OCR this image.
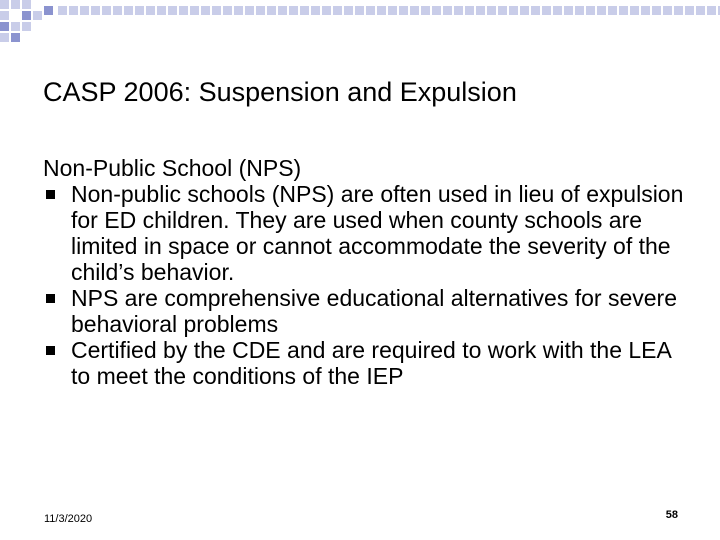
CASP 2006: Suspension and Expulsion

Non-Public School (NPS)

Non-public schools (NPS) are often used in lieu of expulsion for ED children. They are used when county schools are limited in space or cannot accommodate the severity of the child’s behavior.
NPS are comprehensive educational alternatives for severe behavioral problems
Certified by the CDE and are required to work with the LEA to meet the conditions of the IEP
11/3/2020	58
